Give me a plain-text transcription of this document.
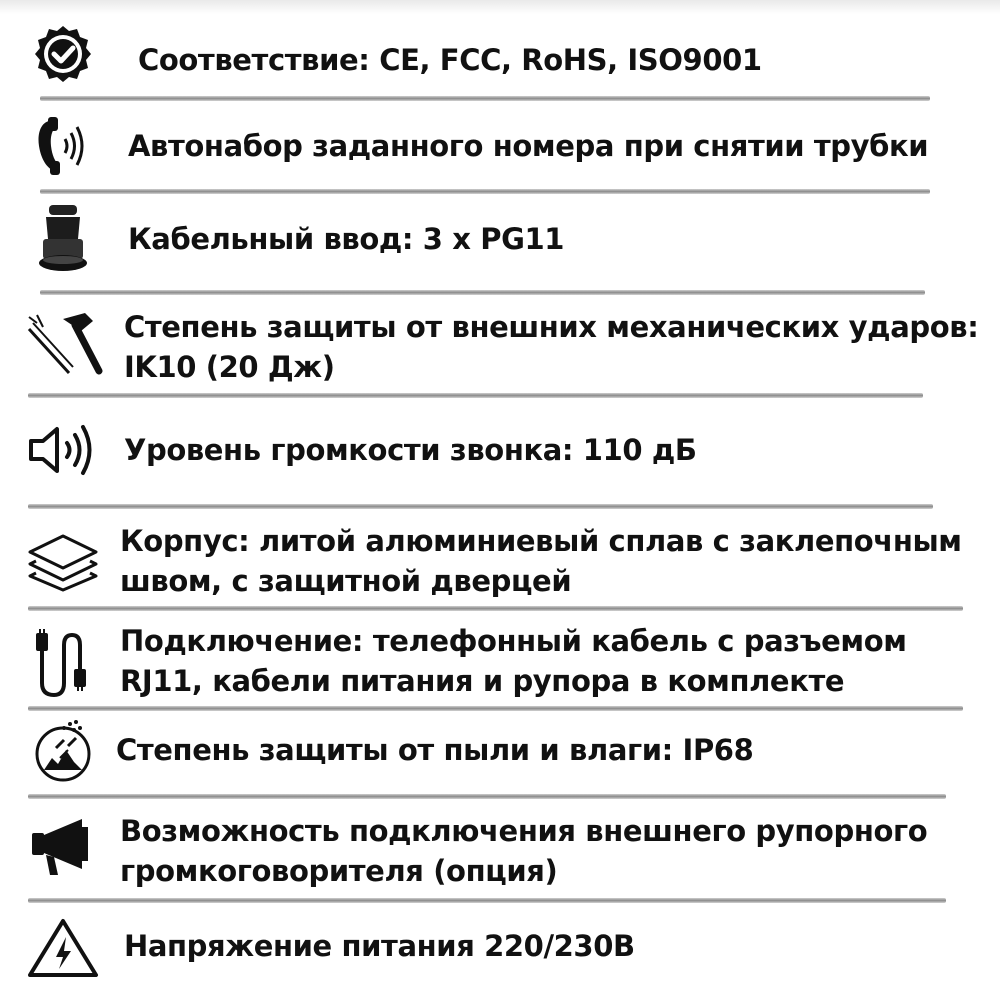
Соответствие: CE, FCC, RoHS, ISO9001
Автонабор заданного номера при снятии трубки
Кабельный ввод: 3 x PG11
Степень защиты от внешних механических ударов:
IK10 (20 Дж)
Уровень громкости звонка: 110 дБ
Корпус: литой алюминиевый сплав с заклепочным
швом, с защитной дверцей
Подключение: телефонный кабель с разъемом
RJ11, кабели питания и рупора в комплекте
Степень защиты от пыли и влаги: IP68
Возможность подключения внешнего рупорного
громкоговорителя (опция)
Напряжение питания 220/230В
